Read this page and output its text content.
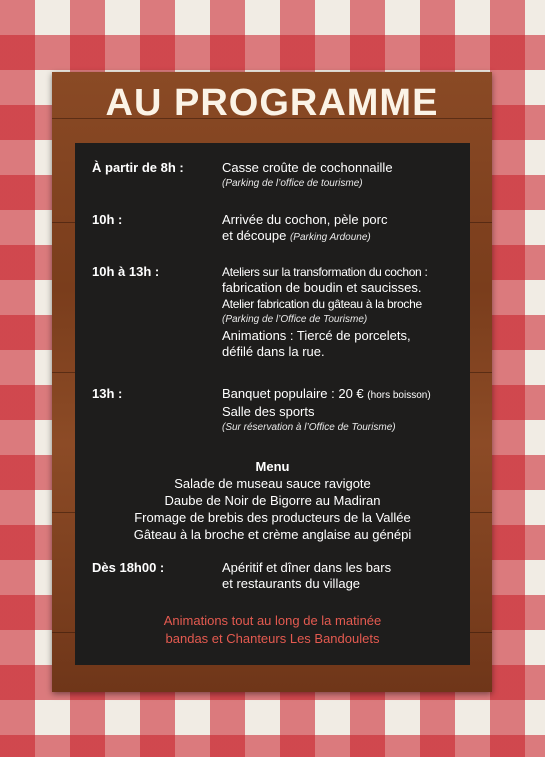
AU PROGRAMME
À partir de 8h :	Casse croûte de cochonnaille
(Parking de l’office de tourisme)
10h :	Arrivée du cochon, pèle porc
et découpe (Parking Ardoune)
10h à 13h :	Ateliers sur la transformation du cochon :
fabrication de boudin et saucisses.
Atelier fabrication du gâteau à la broche
(Parking de l’Office de Tourisme)
Animations : Tiercé de porcelets,
défilé dans la rue.
13h :	Banquet populaire : 20 € (hors boisson)
Salle des sports
(Sur réservation à l’Office de Tourisme)
Menu
Salade de museau sauce ravigote
Daube de Noir de Bigorre au Madiran
Fromage de brebis des producteurs de la Vallée
Gâteau à la broche et crème anglaise au génépi
Dès 18h00 :	Apéritif et dîner dans les bars
et restaurants du village
Animations tout au long de la matinée
bandas et Chanteurs Les Bandoulets
